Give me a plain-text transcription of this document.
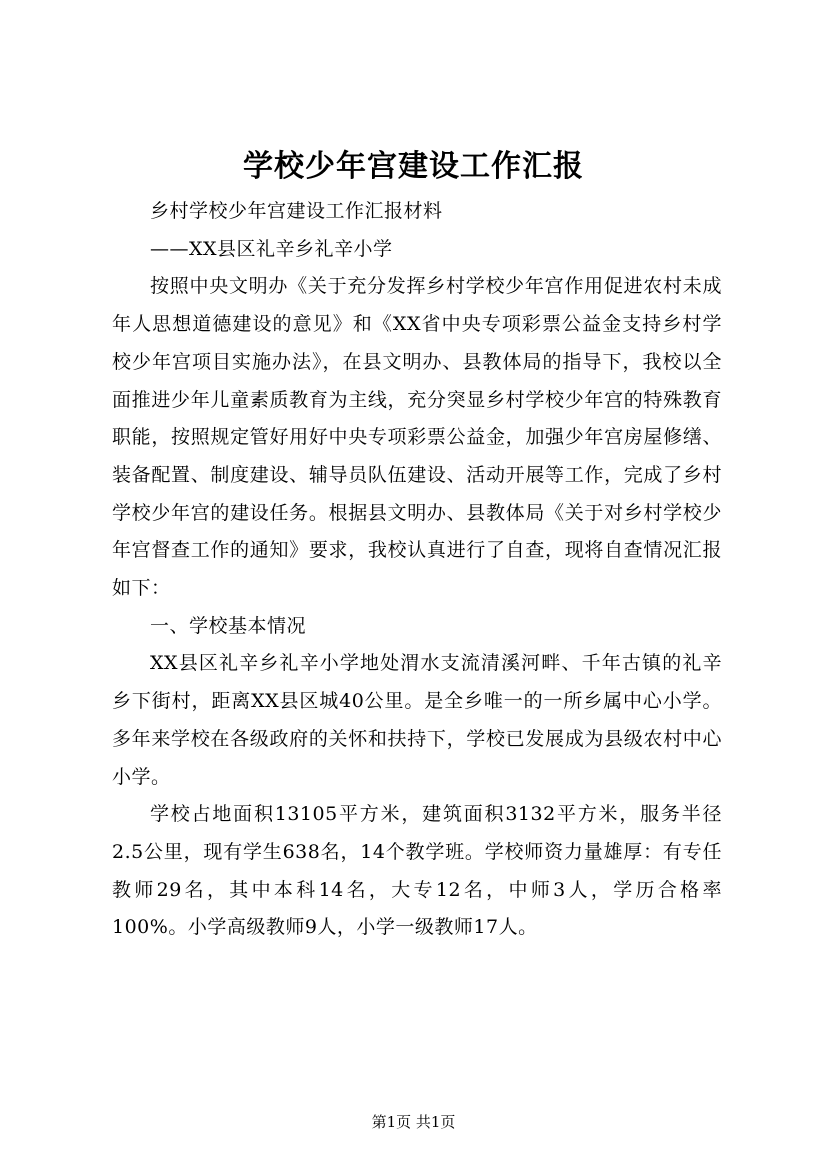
学校少年宫建设工作汇报

乡村学校少年宫建设工作汇报材料

——XX县区礼辛乡礼辛小学

按照中央文明办《关于充分发挥乡村学校少年宫作用促进农村未成年人思想道德建设的意见》和《XX省中央专项彩票公益金支持乡村学校少年宫项目实施办法》，在县文明办、县教体局的指导下，我校以全面推进少年儿童素质教育为主线，充分突显乡村学校少年宫的特殊教育职能，按照规定管好用好中央专项彩票公益金，加强少年宫房屋修缮、装备配置、制度建设、辅导员队伍建设、活动开展等工作，完成了乡村学校少年宫的建设任务。根据县文明办、县教体局《关于对乡村学校少年宫督查工作的通知》要求，我校认真进行了自查，现将自查情况汇报如下：

一、学校基本情况

XX县区礼辛乡礼辛小学地处渭水支流清溪河畔、千年古镇的礼辛乡下街村，距离XX县区城40公里。是全乡唯一的一所乡属中心小学。多年来学校在各级政府的关怀和扶持下，学校已发展成为县级农村中心小学。

学校占地面积13105平方米，建筑面积3132平方米，服务半径2.5公里，现有学生638名，14个教学班。学校师资力量雄厚：有专任教师29名，其中本科14名，大专12名，中师3人，学历合格率100%。小学高级教师9人，小学一级教师17人。

第1页 共1页
